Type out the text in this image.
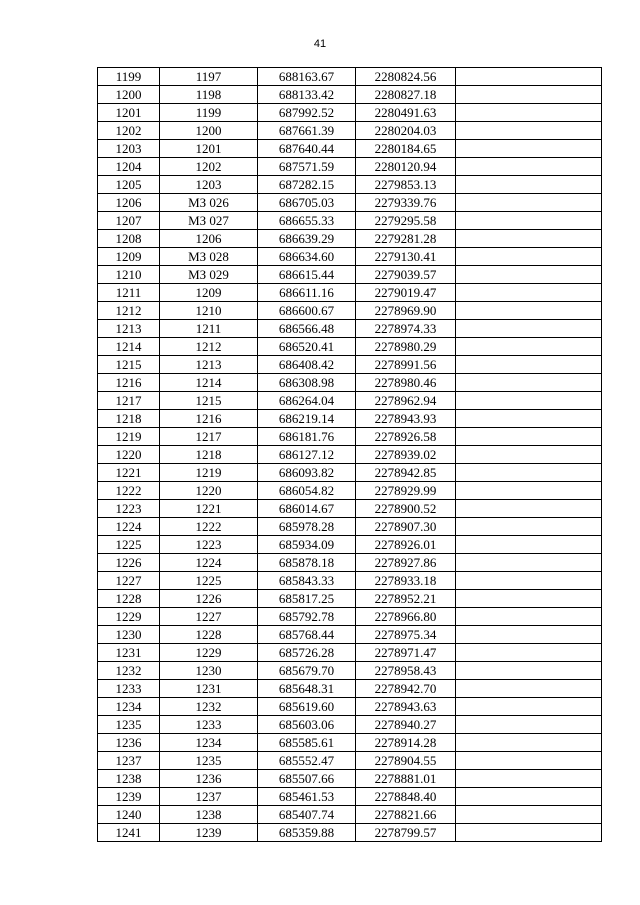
41
1199	1197	688163.67	2280824.56	
1200	1198	688133.42	2280827.18	
1201	1199	687992.52	2280491.63	
1202	1200	687661.39	2280204.03	
1203	1201	687640.44	2280184.65	
1204	1202	687571.59	2280120.94	
1205	1203	687282.15	2279853.13	
1206	МЗ 026	686705.03	2279339.76	
1207	МЗ 027	686655.33	2279295.58	
1208	1206	686639.29	2279281.28	
1209	МЗ 028	686634.60	2279130.41	
1210	МЗ 029	686615.44	2279039.57	
1211	1209	686611.16	2279019.47	
1212	1210	686600.67	2278969.90	
1213	1211	686566.48	2278974.33	
1214	1212	686520.41	2278980.29	
1215	1213	686408.42	2278991.56	
1216	1214	686308.98	2278980.46	
1217	1215	686264.04	2278962.94	
1218	1216	686219.14	2278943.93	
1219	1217	686181.76	2278926.58	
1220	1218	686127.12	2278939.02	
1221	1219	686093.82	2278942.85	
1222	1220	686054.82	2278929.99	
1223	1221	686014.67	2278900.52	
1224	1222	685978.28	2278907.30	
1225	1223	685934.09	2278926.01	
1226	1224	685878.18	2278927.86	
1227	1225	685843.33	2278933.18	
1228	1226	685817.25	2278952.21	
1229	1227	685792.78	2278966.80	
1230	1228	685768.44	2278975.34	
1231	1229	685726.28	2278971.47	
1232	1230	685679.70	2278958.43	
1233	1231	685648.31	2278942.70	
1234	1232	685619.60	2278943.63	
1235	1233	685603.06	2278940.27	
1236	1234	685585.61	2278914.28	
1237	1235	685552.47	2278904.55	
1238	1236	685507.66	2278881.01	
1239	1237	685461.53	2278848.40	
1240	1238	685407.74	2278821.66	
1241	1239	685359.88	2278799.57	
